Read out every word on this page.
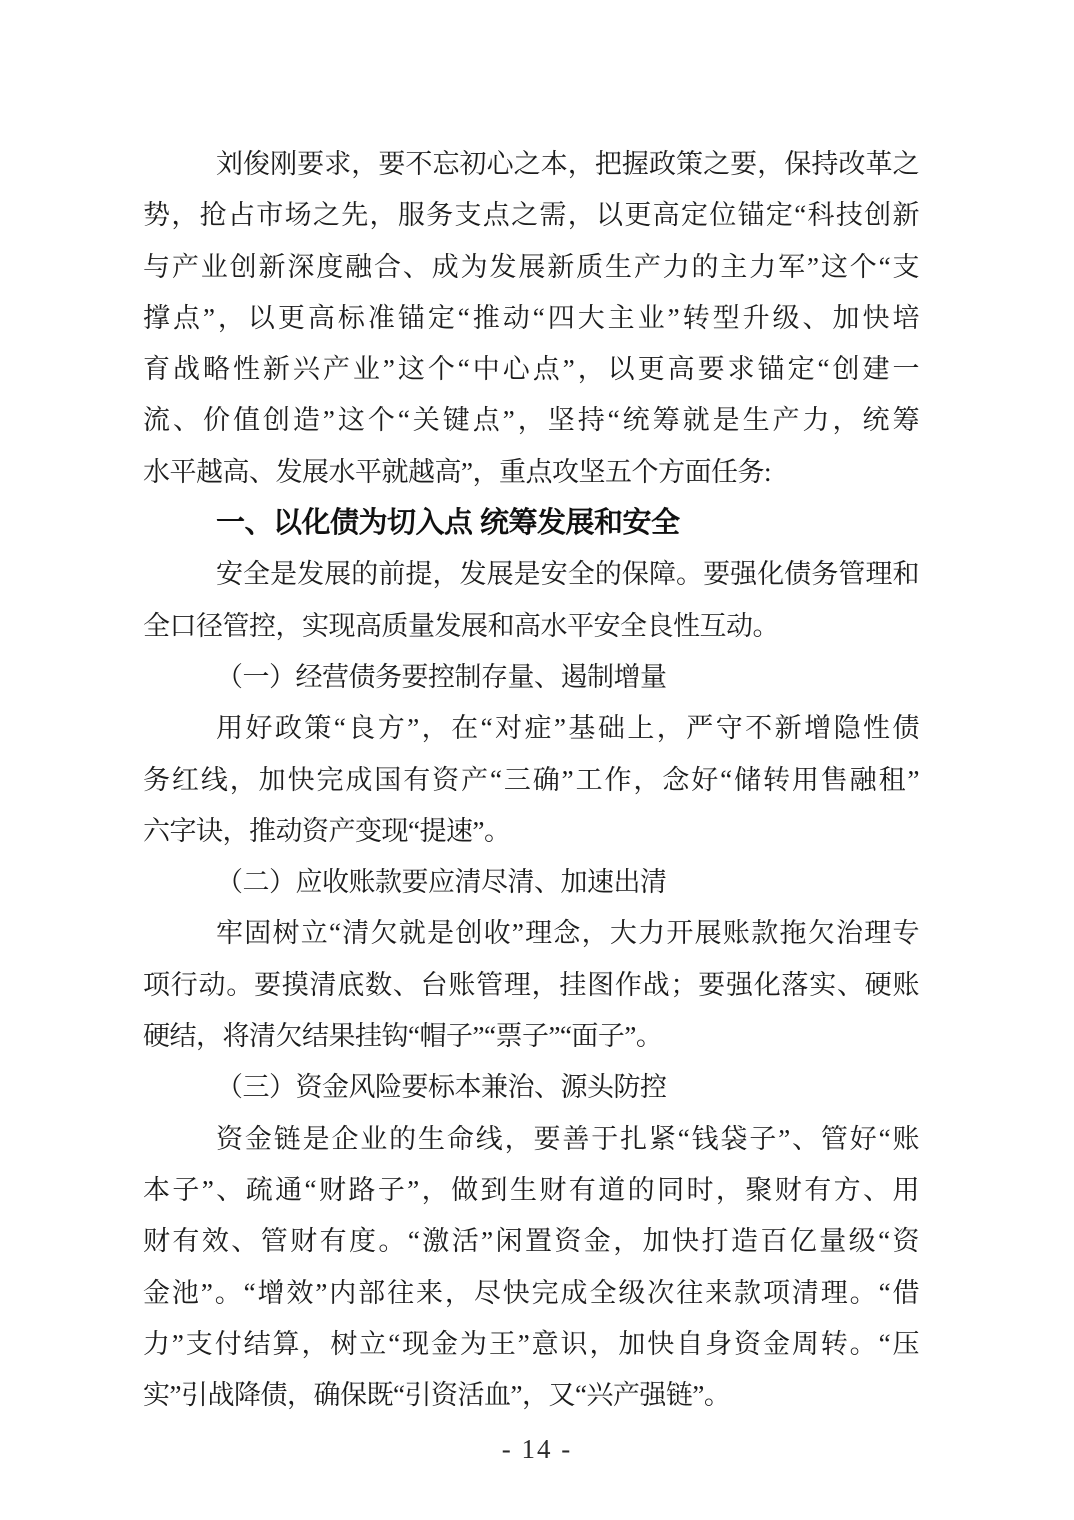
刘俊刚要求，要不忘初心之本，把握政策之要，保持改革之
势，抢占市场之先，服务支点之需，以更高定位锚定“科技创新
与产业创新深度融合、成为发展新质生产力的主力军”这个“支
撑点”，以更高标准锚定“推动“四大主业”转型升级、加快培
育战略性新兴产业”这个“中心点”，以更高要求锚定“创建一
流、价值创造”这个“关键点”，坚持“统筹就是生产力，统筹
水平越高、发展水平就越高”，重点攻坚五个方面任务:
一、以化债为切入点 统筹发展和安全
安全是发展的前提，发展是安全的保障。要强化债务管理和
全口径管控，实现高质量发展和高水平安全良性互动。
（一）经营债务要控制存量、遏制增量
用好政策“良方”，在“对症”基础上，严守不新增隐性债
务红线，加快完成国有资产“三确”工作，念好“储转用售融租”
六字诀，推动资产变现“提速”。
（二）应收账款要应清尽清、加速出清
牢固树立“清欠就是创收”理念，大力开展账款拖欠治理专
项行动。要摸清底数、台账管理，挂图作战；要强化落实、硬账
硬结，将清欠结果挂钩“帽子”“票子”“面子”。
（三）资金风险要标本兼治、源头防控
资金链是企业的生命线，要善于扎紧“钱袋子”、管好“账
本子”、疏通“财路子”，做到生财有道的同时，聚财有方、用
财有效、管财有度。“激活”闲置资金，加快打造百亿量级“资
金池”。“增效”内部往来，尽快完成全级次往来款项清理。“借
力”支付结算，树立“现金为王”意识，加快自身资金周转。“压
实”引战降债，确保既“引资活血”，又“兴产强链”。
- 14 -
